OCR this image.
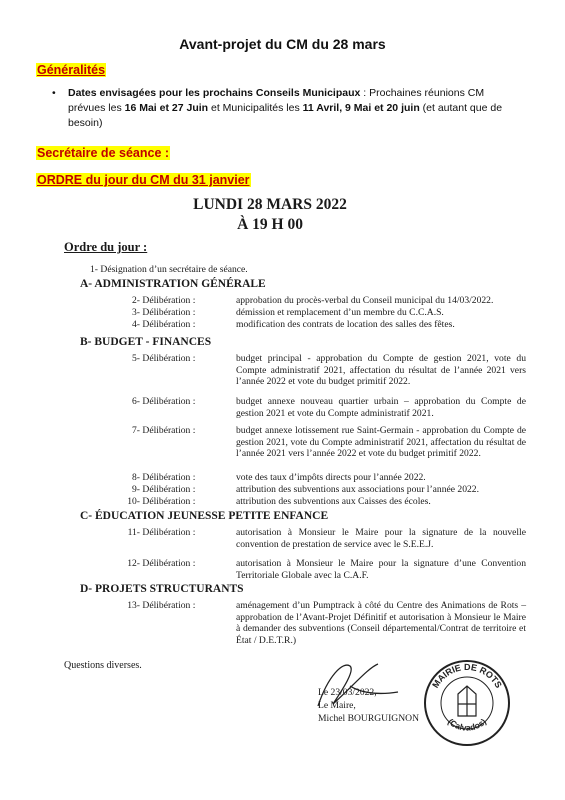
Avant-projet du CM du 28 mars
Généralités
• Dates envisagées pour les prochains Conseils Municipaux : Prochaines réunions CM prévues les 16 Mai et 27 Juin et Municipalités les 11 Avril, 9 Mai et 20 juin (et autant que de besoin)
Secrétaire de séance :
ORDRE du jour du CM du 31 janvier
LUNDI 28 MARS 2022
À 19 H 00
Ordre du jour :
1- Désignation d’un secrétaire de séance.
A- ADMINISTRATION GÉNÉRALE
2- Délibération :	approbation du procès-verbal du Conseil municipal du 14/03/2022.
3- Délibération :	démission et remplacement d’un membre du C.C.A.S.
4- Délibération :	modification des contrats de location des salles des fêtes.
B- BUDGET - FINANCES
5- Délibération :	budget principal - approbation du Compte de gestion 2021, vote du Compte administratif 2021, affectation du résultat de l’année 2021 vers l’année 2022 et vote du budget primitif 2022.
6- Délibération :	budget annexe nouveau quartier urbain – approbation du Compte de gestion 2021 et vote du Compte administratif 2021.
7- Délibération :	budget annexe lotissement rue Saint-Germain - approbation du Compte de gestion 2021, vote du Compte administratif 2021, affectation du résultat de l’année 2021 vers l’année 2022 et vote du budget primitif 2022.
8- Délibération :	vote des taux d’impôts directs pour l’année 2022.
9- Délibération :	attribution des subventions aux associations pour l’année 2022.
10- Délibération :	attribution des subventions aux Caisses des écoles.
C- ÉDUCATION JEUNESSE PETITE ENFANCE
11- Délibération :	autorisation à Monsieur le Maire pour la signature de la nouvelle convention de prestation de service avec le S.E.E.J.
12- Délibération :	autorisation à Monsieur le Maire pour la signature d’une Convention Territoriale Globale avec la C.A.F.
D- PROJETS STRUCTURANTS
13- Délibération :	aménagement d’un Pumptrack à côté du Centre des Animations de Rots – approbation de l’Avant-Projet Définitif et autorisation à Monsieur le Maire à demander des subventions (Conseil départemental/Contrat de territoire et État / D.E.T.R.)
Questions diverses.
Le 23/03/2022,
Le Maire,
Michel BOURGUIGNON
MAIRIE DE ROTS
(Calvados)
